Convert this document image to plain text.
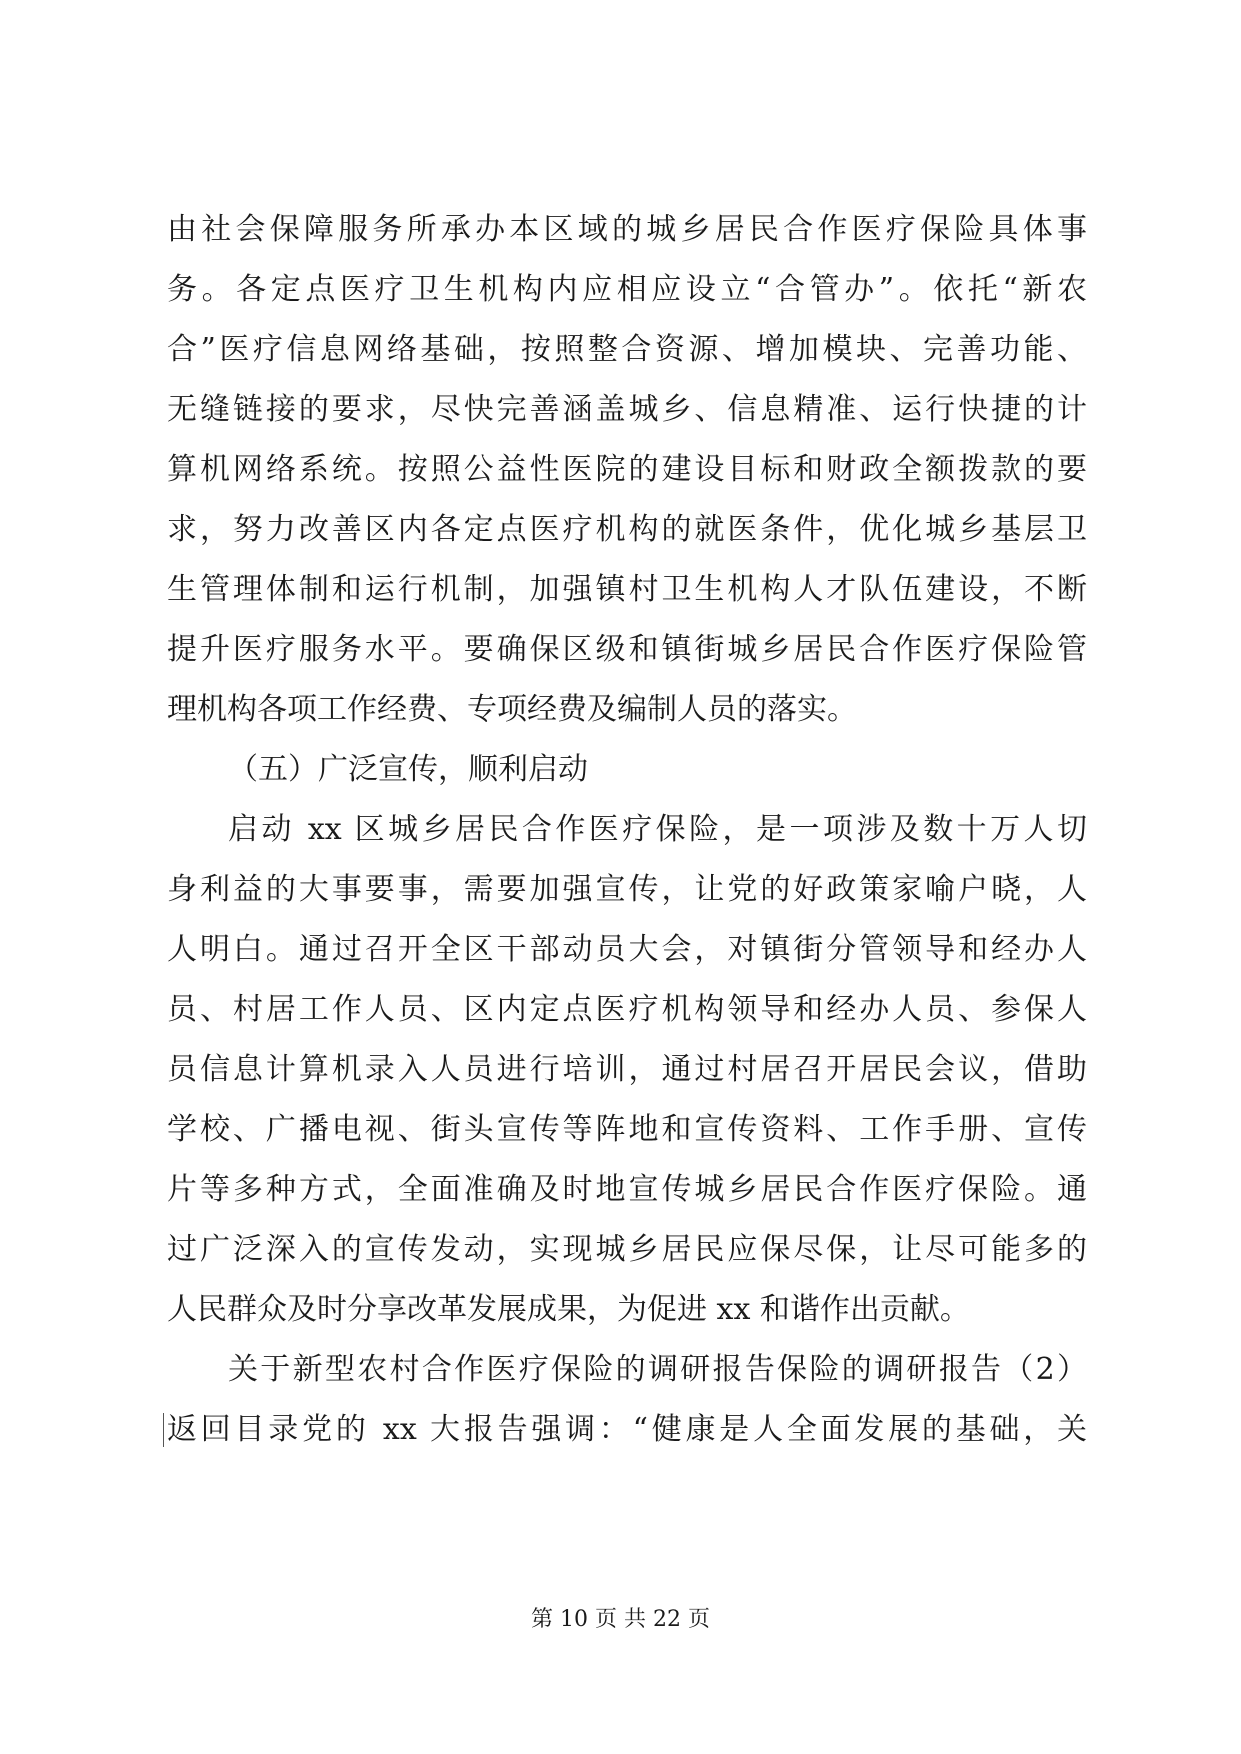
由社会保障服务所承办本区域的城乡居民合作医疗保险具体事
务。各定点医疗卫生机构内应相应设立“合管办”。依托“新农
合”医疗信息网络基础，按照整合资源、增加模块、完善功能、
无缝链接的要求，尽快完善涵盖城乡、信息精准、运行快捷的计
算机网络系统。按照公益性医院的建设目标和财政全额拨款的要
求，努力改善区内各定点医疗机构的就医条件，优化城乡基层卫
生管理体制和运行机制，加强镇村卫生机构人才队伍建设，不断
提升医疗服务水平。要确保区级和镇街城乡居民合作医疗保险管
理机构各项工作经费、专项经费及编制人员的落实。
（五）广泛宣传，顺利启动
启动 xx 区城乡居民合作医疗保险，是一项涉及数十万人切
身利益的大事要事，需要加强宣传，让党的好政策家喻户晓，人
人明白。通过召开全区干部动员大会，对镇街分管领导和经办人
员、村居工作人员、区内定点医疗机构领导和经办人员、参保人
员信息计算机录入人员进行培训，通过村居召开居民会议，借助
学校、广播电视、街头宣传等阵地和宣传资料、工作手册、宣传
片等多种方式，全面准确及时地宣传城乡居民合作医疗保险。通
过广泛深入的宣传发动，实现城乡居民应保尽保，让尽可能多的
人民群众及时分享改革发展成果，为促进 xx 和谐作出贡献。
关于新型农村合作医疗保险的调研报告保险的调研报告（2）
返回目录党的 xx 大报告强调：“健康是人全面发展的基础，关
第 10 页 共 22 页
